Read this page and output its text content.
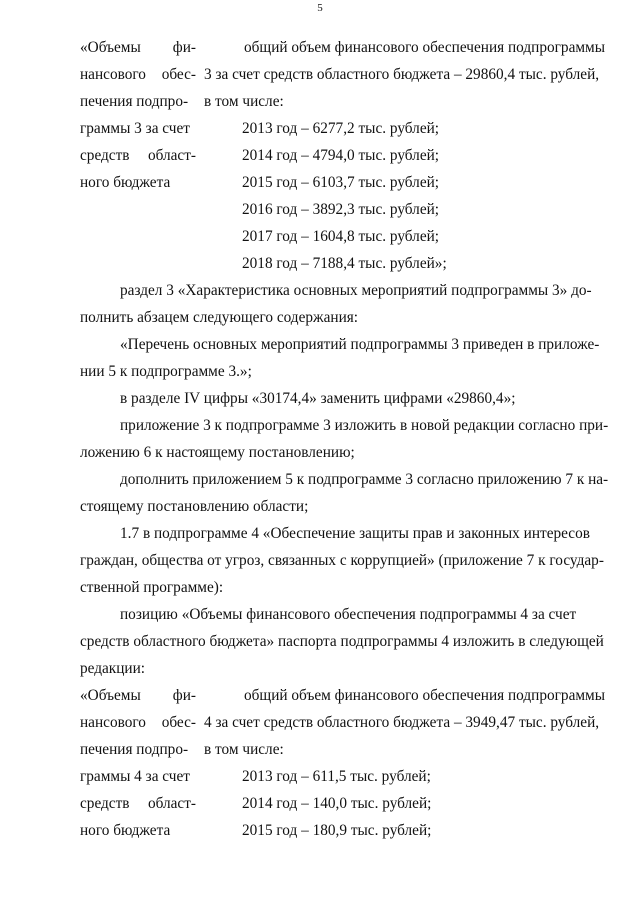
5
«Объемы фи-
нансового обес-
печения подпро-
граммы 3 за счет
средств област-
ного бюджета
общий объем финансового обеспечения подпрограммы
3 за счет средств областного бюджета – 29860,4 тыс. рублей,
в том числе:
2013 год – 6277,2 тыс. рублей;
2014 год – 4794,0 тыс. рублей;
2015 год – 6103,7 тыс. рублей;
2016 год – 3892,3 тыс. рублей;
2017 год – 1604,8 тыс. рублей;
2018 год – 7188,4 тыс. рублей»;
раздел 3 «Характеристика основных мероприятий подпрограммы 3» до-
полнить абзацем следующего содержания:
«Перечень основных мероприятий подпрограммы 3 приведен в приложе-
нии 5 к подпрограмме 3.»;
в разделе IV цифры «30174,4» заменить цифрами «29860,4»;
приложение 3 к подпрограмме 3 изложить в новой редакции согласно при-
ложению 6 к настоящему постановлению;
дополнить приложением 5 к подпрограмме 3 согласно приложению 7 к на-
стоящему постановлению области;
1.7 в подпрограмме 4 «Обеспечение защиты прав и законных интересов
граждан, общества от угроз, связанных с коррупцией» (приложение 7 к государ-
ственной программе):
позицию «Объемы финансового обеспечения подпрограммы 4 за счет
средств областного бюджета» паспорта подпрограммы 4 изложить в следующей
редакции:
«Объемы фи-
нансового обес-
печения подпро-
граммы 4 за счет
средств област-
ного бюджета
общий объем финансового обеспечения подпрограммы
4 за счет средств областного бюджета – 3949,47 тыс. рублей,
в том числе:
2013 год – 611,5 тыс. рублей;
2014 год – 140,0 тыс. рублей;
2015 год – 180,9 тыс. рублей;
